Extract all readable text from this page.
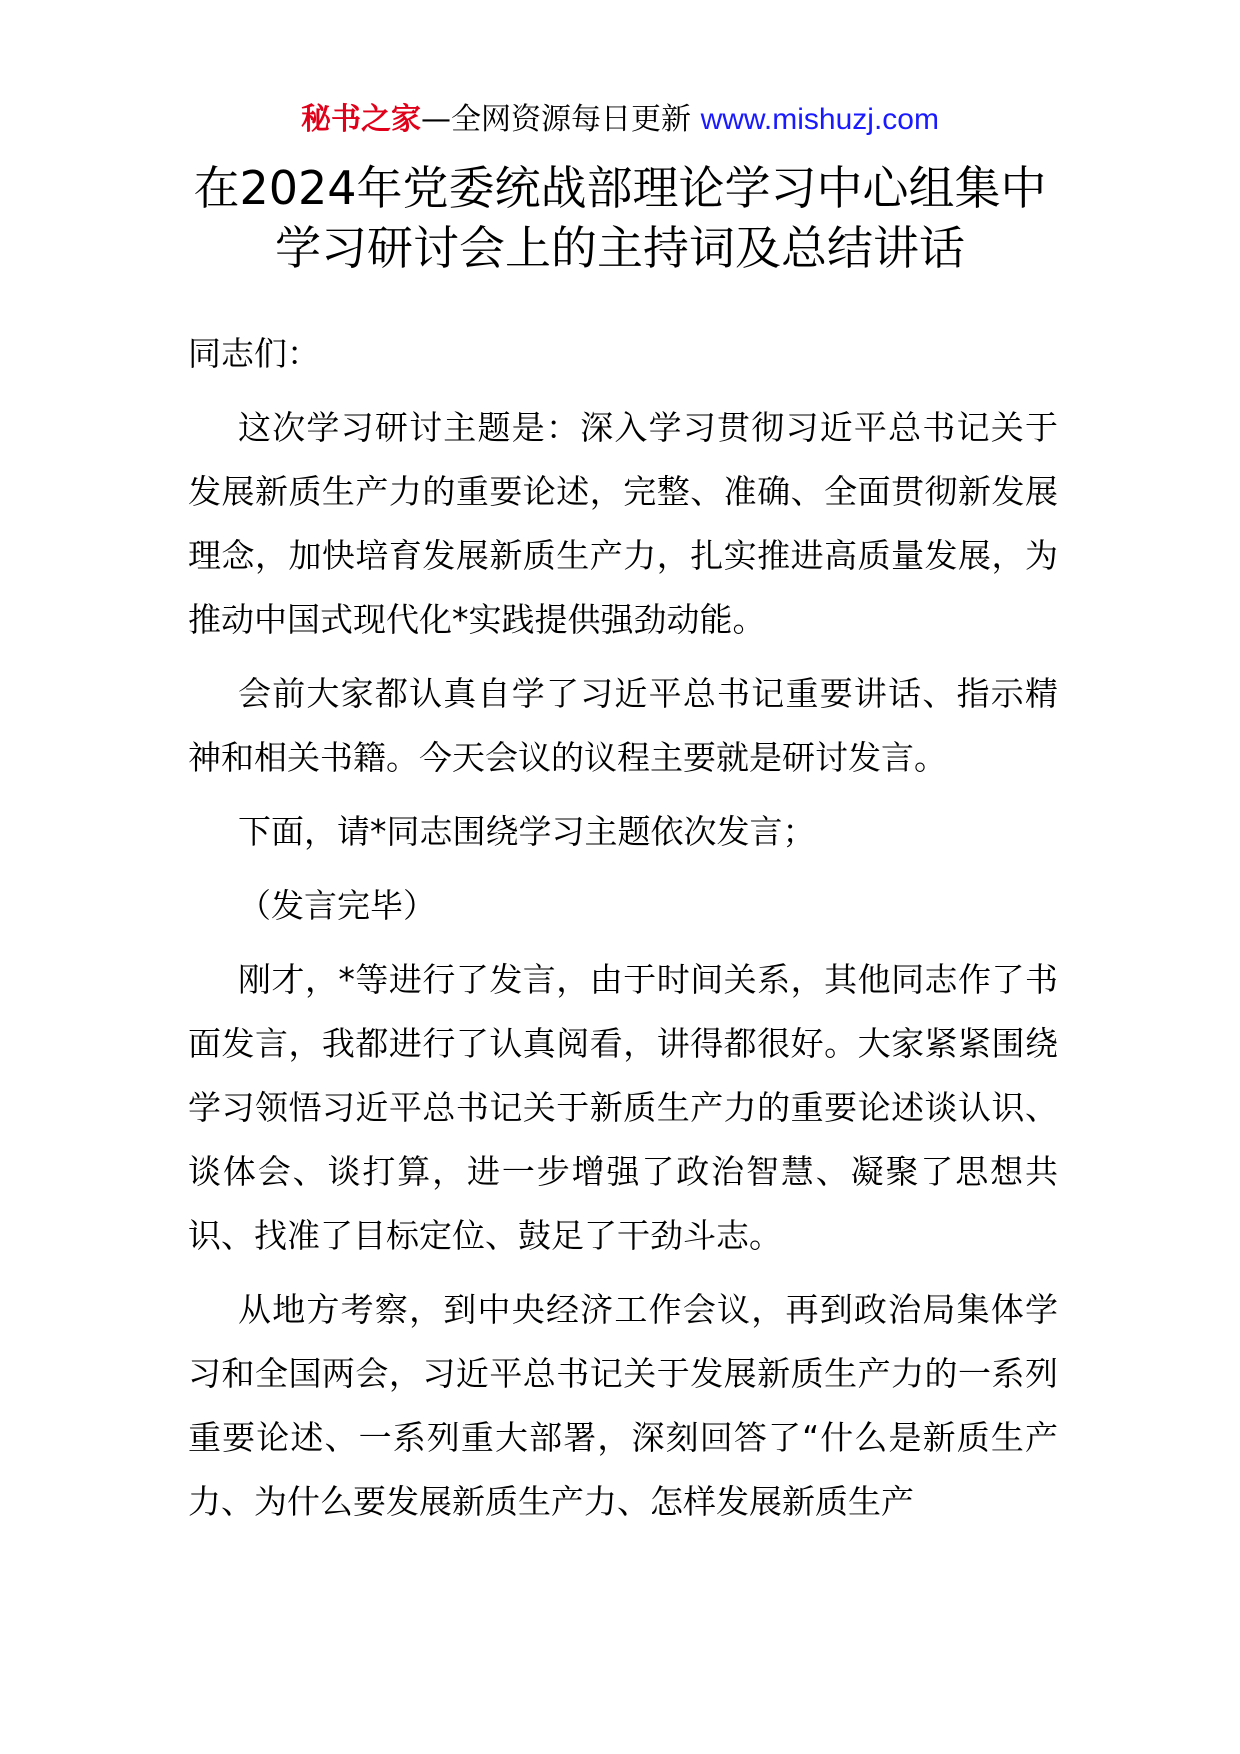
秘书之家—全网资源每日更新 www.mishuzj.com
在2024年党委统战部理论学习中心组集中
学习研讨会上的主持词及总结讲话

同志们：

这次学习研讨主题是：深入学习贯彻习近平总书记关于发展新质生产力的重要论述，完整、准确、全面贯彻新发展理念，加快培育发展新质生产力，扎实推进高质量发展，为推动中国式现代化*实践提供强劲动能。

会前大家都认真自学了习近平总书记重要讲话、指示精神和相关书籍。今天会议的议程主要就是研讨发言。

下面，请*同志围绕学习主题依次发言；

（发言完毕）

刚才，*等进行了发言，由于时间关系，其他同志作了书面发言，我都进行了认真阅看，讲得都很好。大家紧紧围绕学习领悟习近平总书记关于新质生产力的重要论述谈认识、谈体会、谈打算，进一步增强了政治智慧、凝聚了思想共识、找准了目标定位、鼓足了干劲斗志。

从地方考察，到中央经济工作会议，再到政治局集体学习和全国两会，习近平总书记关于发展新质生产力的一系列重要论述、一系列重大部署，深刻回答了“什么是新质生产力、为什么要发展新质生产力、怎样发展新质生产
